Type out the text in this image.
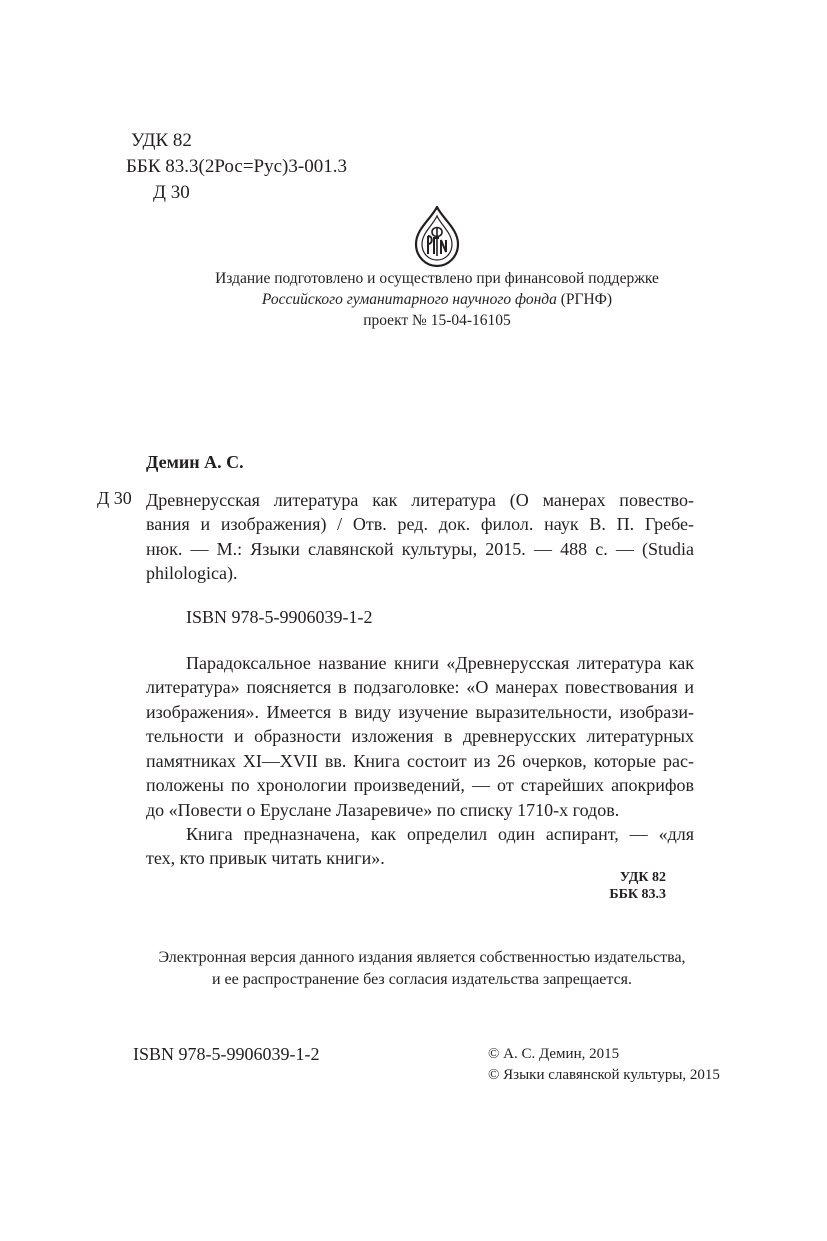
УДК 82
ББК 83.3(2Рос=Рус)3-001.3
Д 30
Издание подготовлено и осуществлено при финансовой поддержке
Российского гуманитарного научного фонда (РГНФ)
проект № 15-04-16105
Демин А. С.
Д 30 Древнерусская литература как литература (О манерах повество-
вания и изображения) / Отв. ред. док. филол. наук В. П. Гребе-
нюк. — М.: Языки славянской культуры, 2015. — 488 с. — (Studia
philologica).
ISBN 978-5-9906039-1-2
Парадоксальное название книги «Древнерусская литература как
литература» поясняется в подзаголовке: «О манерах повествования и
изображения». Имеется в виду изучение выразительности, изобрази-
тельности и образности изложения в древнерусских литературных
памятниках XI—XVII вв. Книга состоит из 26 очерков, которые рас-
положены по хронологии произведений, — от старейших апокрифов
до «Повести о Еруслане Лазаревиче» по списку 1710-х годов.
Книга предназначена, как определил один аспирант, — «для
тех, кто привык читать книги».
УДК 82
ББК 83.3
Электронная версия данного издания является собственностью издательства,
и ее распространение без согласия издательства запрещается.
ISBN 978-5-9906039-1-2	© А. С. Демин, 2015
© Языки славянской культуры, 2015
